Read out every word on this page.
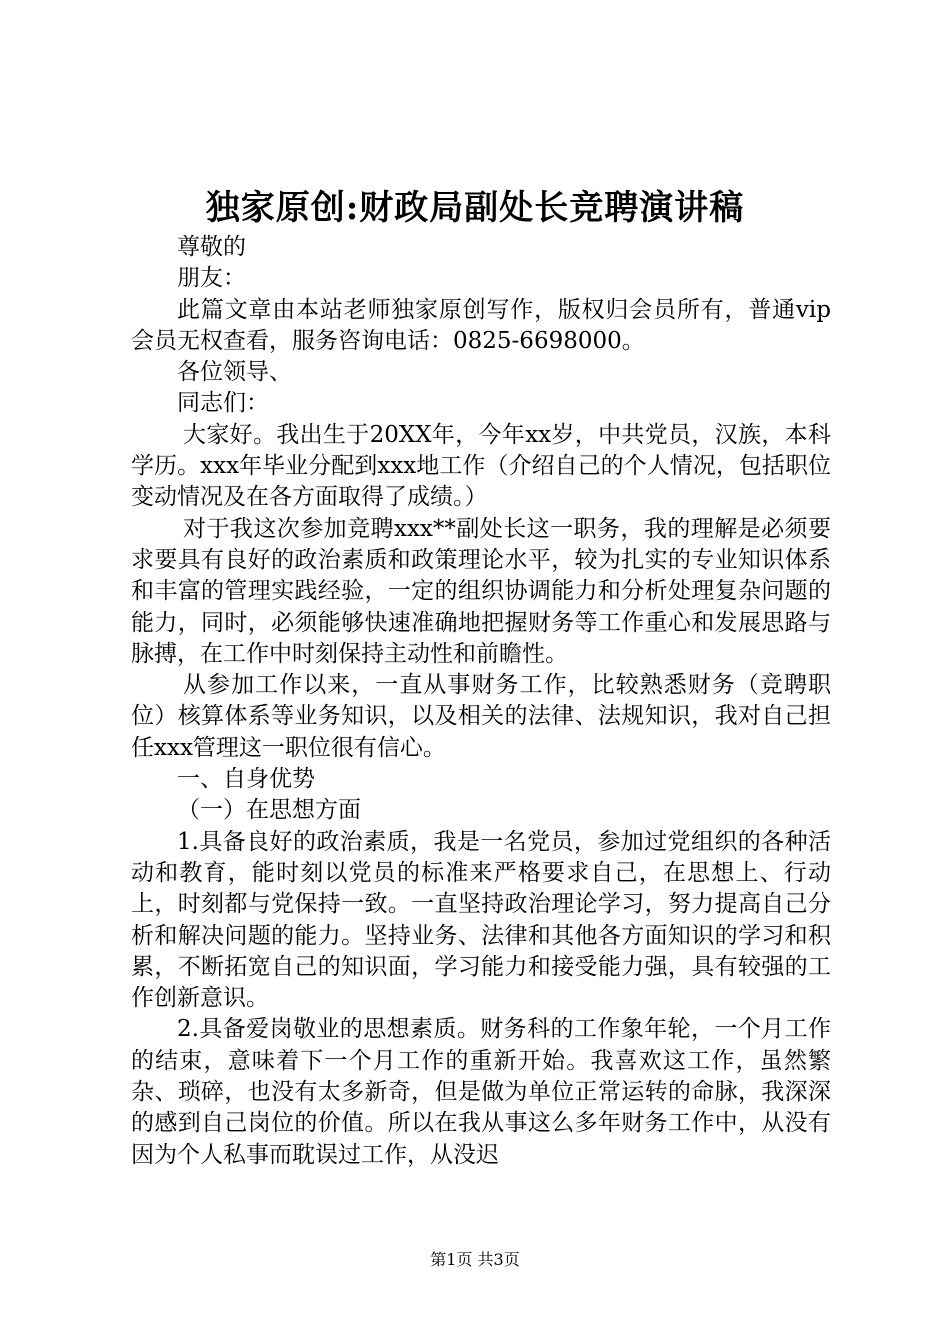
独家原创:财政局副处长竞聘演讲稿

尊敬的

朋友：

此篇文章由本站老师独家原创写作，版权归会员所有，普通vip会员无权查看，服务咨询电话：0825-6698000。

各位领导、

同志们：

大家好。我出生于20XX年，今年xx岁，中共党员，汉族，本科学历。xxx年毕业分配到xxx地工作（介绍自己的个人情况，包括职位变动情况及在各方面取得了成绩。）

对于我这次参加竞聘xxx**副处长这一职务，我的理解是必须要求要具有良好的政治素质和政策理论水平，较为扎实的专业知识体系和丰富的管理实践经验，一定的组织协调能力和分析处理复杂问题的能力，同时，必须能够快速准确地把握财务等工作重心和发展思路与脉搏，在工作中时刻保持主动性和前瞻性。

从参加工作以来，一直从事财务工作，比较熟悉财务（竞聘职位）核算体系等业务知识，以及相关的法律、法规知识，我对自己担任xxx管理这一职位很有信心。

一、自身优势

（一）在思想方面

1.具备良好的政治素质，我是一名党员，参加过党组织的各种活动和教育，能时刻以党员的标准来严格要求自己，在思想上、行动上，时刻都与党保持一致。一直坚持政治理论学习，努力提高自己分析和解决问题的能力。坚持业务、法律和其他各方面知识的学习和积累，不断拓宽自己的知识面，学习能力和接受能力强，具有较强的工作创新意识。

2.具备爱岗敬业的思想素质。财务科的工作象年轮，一个月工作的结束，意味着下一个月工作的重新开始。我喜欢这工作，虽然繁杂、琐碎，也没有太多新奇，但是做为单位正常运转的命脉，我深深的感到自己岗位的价值。所以在我从事这么多年财务工作中，从没有因为个人私事而耽误过工作，从没迟

第1页 共3页
